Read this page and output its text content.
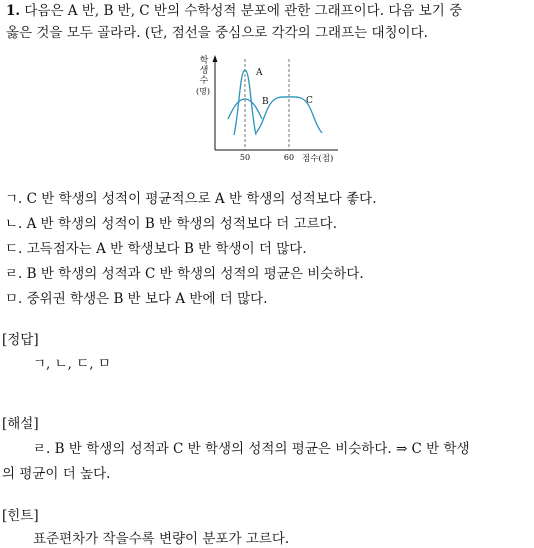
1. 다음은 A 반, B 반, C 반의 수학성적 분포에 관한 그래프이다. 다음 보기 중
옳은 것을 모두 골라라. (단, 점선을 중심으로 각각의 그래프는 대칭이다.
학
생
수
(명)
A
B	C
50	60 점수(점)
ㄱ. C 반 학생의 성적이 평균적으로 A 반 학생의 성적보다 좋다.
ㄴ. A 반 학생의 성적이 B 반 학생의 성적보다 더 고르다.
ㄷ. 고득점자는 A 반 학생보다 B 반 학생이 더 많다.
ㄹ. B 반 학생의 성적과 C 반 학생의 성적의 평균은 비슷하다.
ㅁ. 중위권 학생은 B 반 보다 A 반에 더 많다.
[정답]
ㄱ, ㄴ, ㄷ, ㅁ
[해설]
ㄹ. B 반 학생의 성적과 C 반 학생의 성적의 평균은 비슷하다. ⇒ C 반 학생
의 평균이 더 높다.
[힌트]
표준편차가 작을수록 변량이 분포가 고르다.
